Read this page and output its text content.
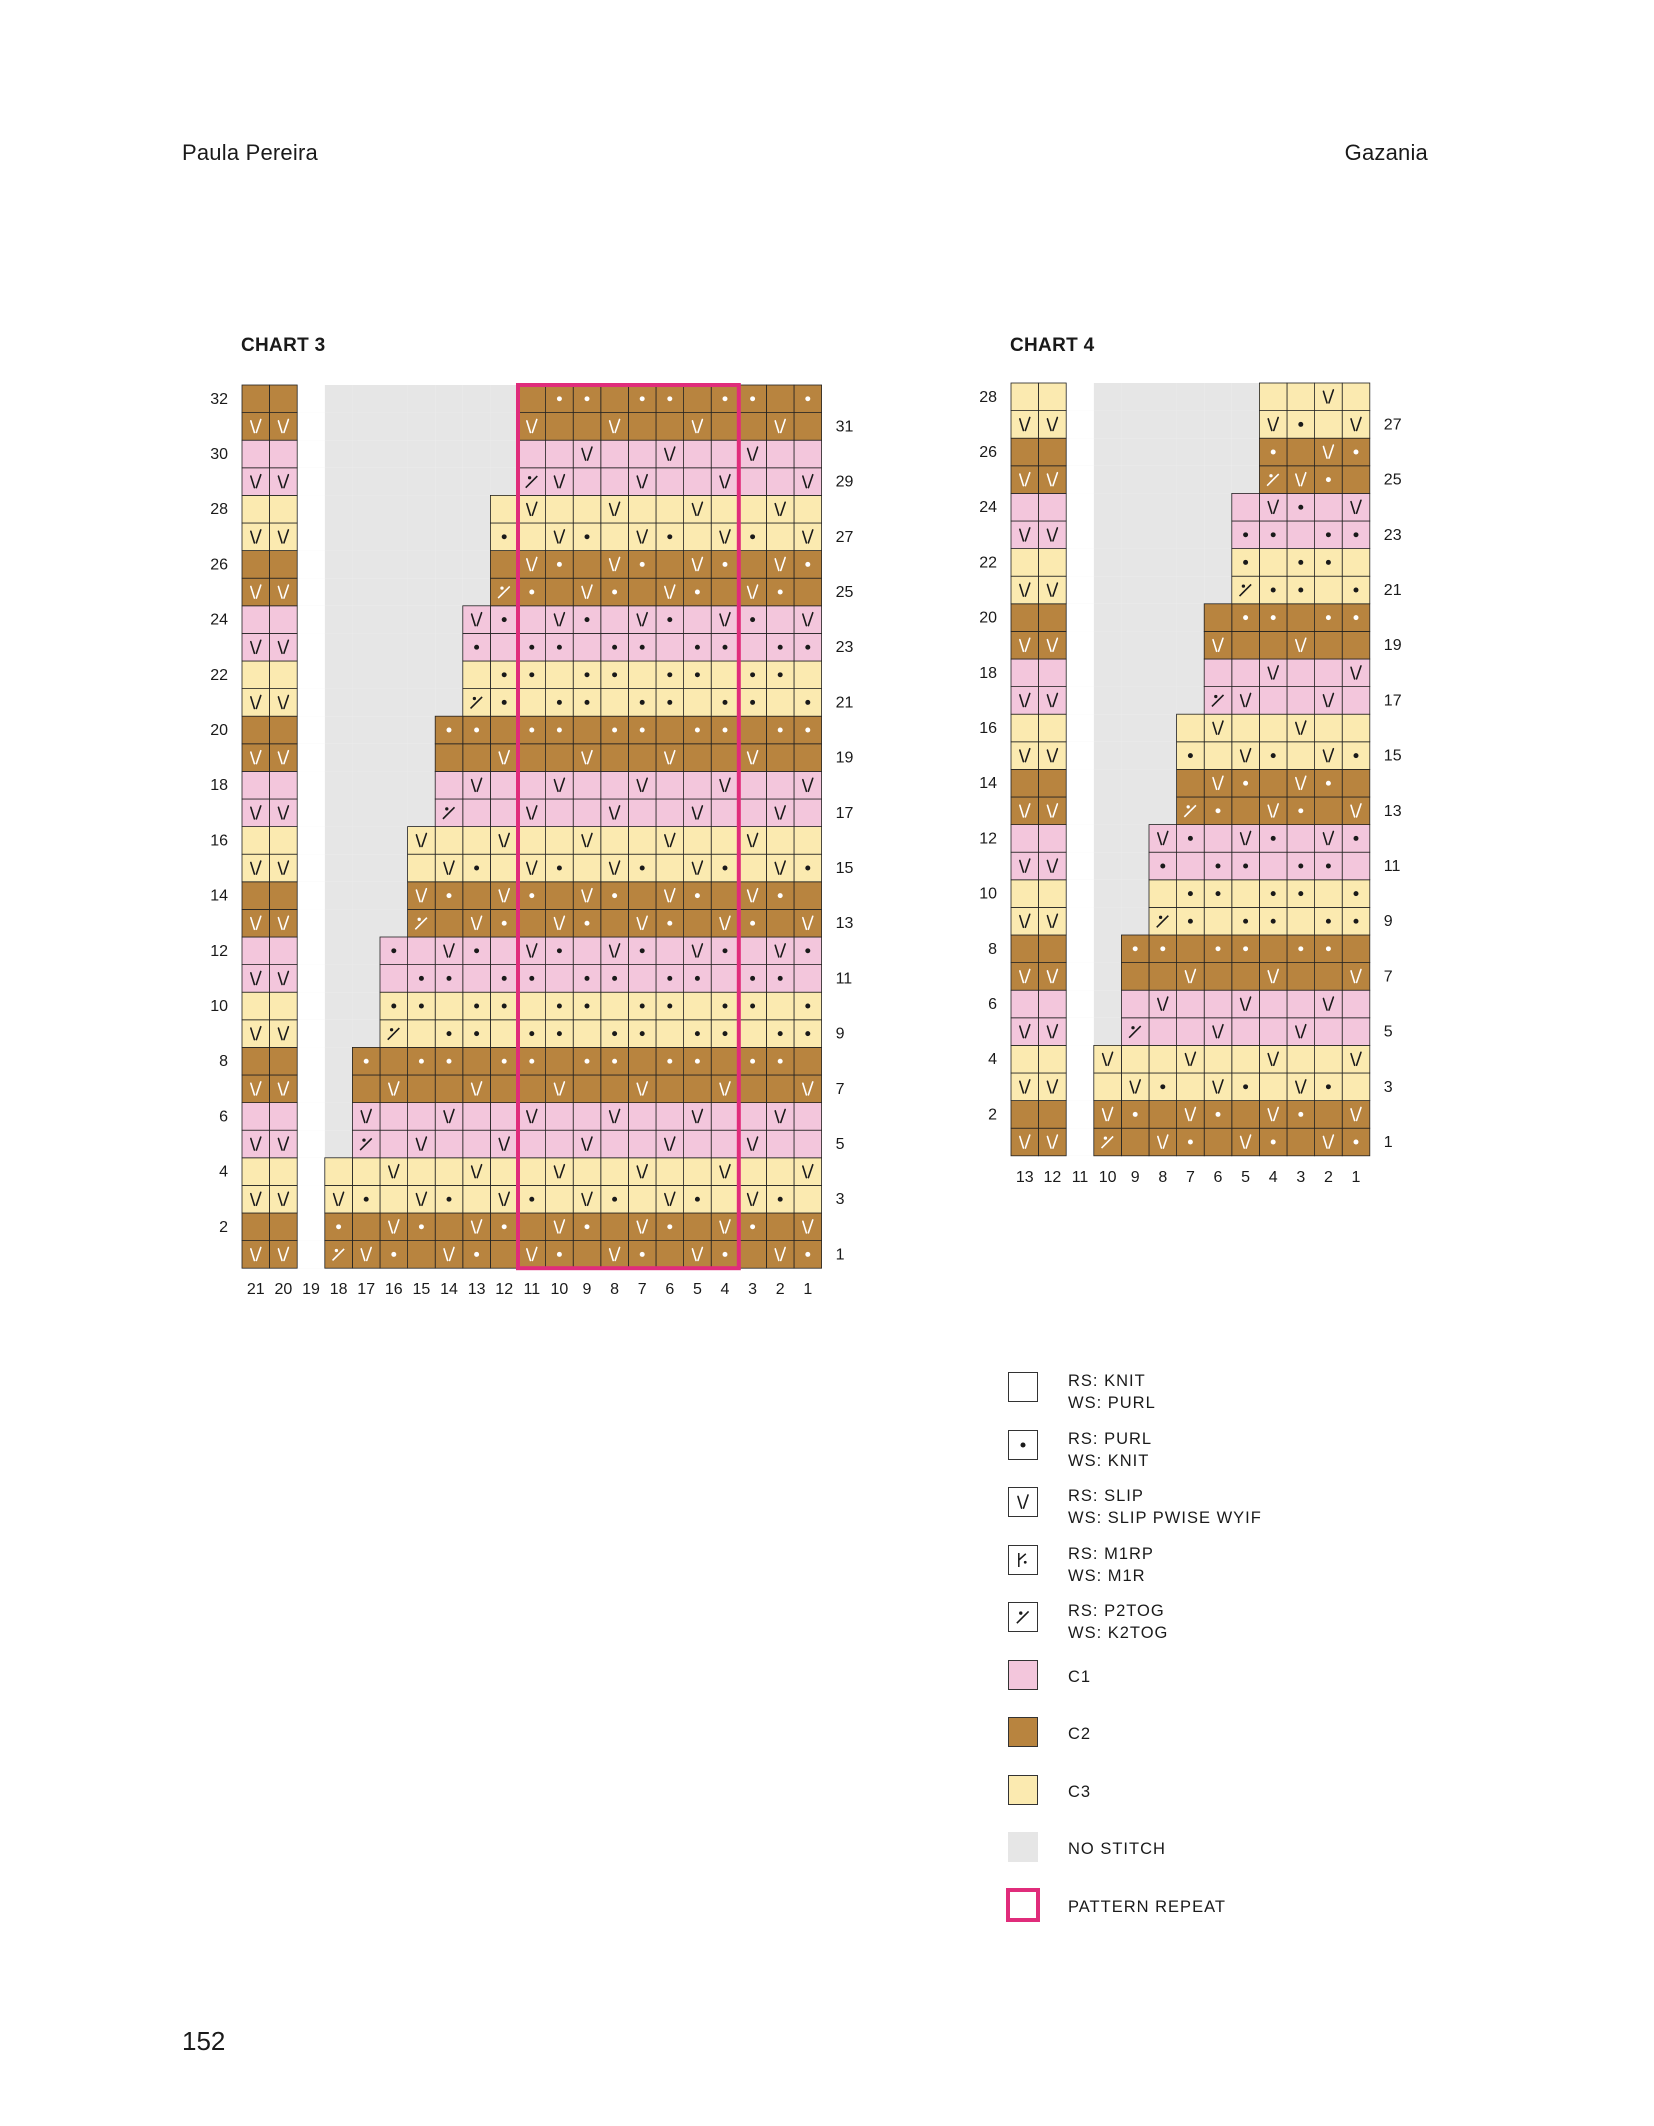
Paula Pereira	Gazania
CHART 3	CHART 4
2
4
6
8
10
12
14
16
18
20
22
24
26
28
30
32
1
3
5
7
9
11
13
15
17
19
21
23
25
27
29
31
21 20 19 18 17 16 15 14 13 12 11 10 9 8 7 6 5 4 3 2 1
2
4
6
8
10
12
14
16
18
20
22
24
26
28
1
3
5
7
9
11
13
15
17
19
21
23
25
27
13 12 11 10 9 8 7 6 5 4 3 2 1
RS: KNIT
WS: PURL
RS: PURL
WS: KNIT
RS: SLIP
WS: SLIP PWISE WYIF
RS: M1RP
WS: M1R
RS: P2TOG
WS: K2TOG
C1
C2
C3
NO STITCH
PATTERN REPEAT
152
